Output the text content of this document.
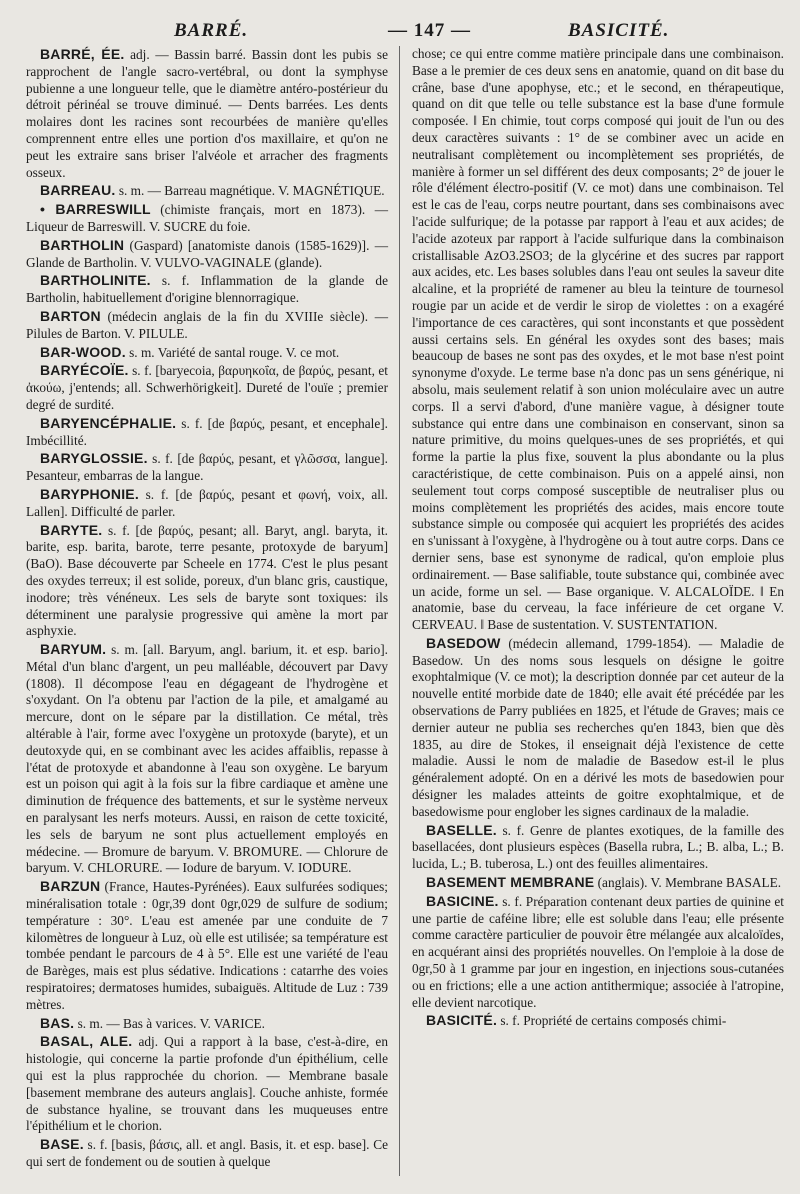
BARRÉ.	— 147 —	BASICITÉ.

BARRÉ, ÉE. adj. — Bassin barré. Bassin dont les pubis se rapprochent de l'angle sacro-vertébral, ou dont la symphyse pubienne a une longueur telle, que le diamètre antéro-postérieur du détroit périnéal se trouve diminué. — Dents barrées. Les dents molaires dont les racines sont recourbées de manière qu'elles comprennent entre elles une portion d'os maxillaire, et qu'on ne peut les extraire sans briser l'alvéole et arracher des fragments osseux.

BARREAU. s. m. — Barreau magnétique. V. MAGNÉTIQUE.

• BARRESWILL (chimiste français, mort en 1873). — Liqueur de Barreswill. V. SUCRE du foie.

BARTHOLIN (Gaspard) [anatomiste danois (1585-1629)]. — Glande de Bartholin. V. VULVO-VAGINALE (glande).

BARTHOLINITE. s. f. Inflammation de la glande de Bartholin, habituellement d'origine blennorragique.

BARTON (médecin anglais de la fin du XVIIIe siècle). — Pilules de Barton. V. PILULE.

BAR-WOOD. s. m. Variété de santal rouge. V. ce mot.

BARYÉCOÏE. s. f. [baryecoia, βαρυηκοΐα, de βαρύς, pesant, et ἀκούω, j'entends; all. Schwerhörigkeit]. Dureté de l'ouïe ; premier degré de surdité.

BARYENCÉPHALIE. s. f. [de βαρύς, pesant, et encephale]. Imbécillité.

BARYGLOSSIE. s. f. [de βαρύς, pesant, et γλῶσσα, langue]. Pesanteur, embarras de la langue.

BARYPHONIE. s. f. [de βαρύς, pesant et φωνή, voix, all. Lallen]. Difficulté de parler.

BARYTE. s. f. [de βαρύς, pesant; all. Baryt, angl. baryta, it. barite, esp. barita, barote, terre pesante, protoxyde de baryum] (BaO). Base découverte par Scheele en 1774. C'est le plus pesant des oxydes terreux; il est solide, poreux, d'un blanc gris, caustique, inodore; très vénéneux. Les sels de baryte sont toxiques: ils déterminent une paralysie progressive qui amène la mort par asphyxie.

BARYUM. s. m. [all. Baryum, angl. barium, it. et esp. bario]. Métal d'un blanc d'argent, un peu malléable, découvert par Davy (1808). Il décompose l'eau en dégageant de l'hydrogène et s'oxydant. On l'a obtenu par l'action de la pile, et amalgamé au mercure, dont on le sépare par la distillation. Ce métal, très altérable à l'air, forme avec l'oxygène un protoxyde (baryte), et un deutoxyde qui, en se combinant avec les acides affaiblis, repasse à l'état de protoxyde et abandonne à l'eau son oxygène. Le baryum est un poison qui agit à la fois sur la fibre cardiaque et amène une diminution de fréquence des battements, et sur le système nerveux en paralysant les nerfs moteurs. Aussi, en raison de cette toxicité, les sels de baryum ne sont plus actuellement employés en médecine. — Bromure de baryum. V. BROMURE. — Chlorure de baryum. V. CHLORURE. — Iodure de baryum. V. IODURE.

BARZUN (France, Hautes-Pyrénées). Eaux sulfurées sodiques; minéralisation totale : 0gr,39 dont 0gr,029 de sulfure de sodium; température : 30°. L'eau est amenée par une conduite de 7 kilomètres de longueur à Luz, où elle est utilisée; sa température est tombée pendant le parcours de 4 à 5°. Elle est une variété de l'eau de Barèges, mais est plus sédative. Indications : catarrhe des voies respiratoires; dermatoses humides, subaiguës. Altitude de Luz : 739 mètres.

BAS. s. m. — Bas à varices. V. VARICE.

BASAL, ALE. adj. Qui a rapport à la base, c'est-à-dire, en histologie, qui concerne la partie profonde d'un épithélium, celle qui est la plus rapprochée du chorion. — Membrane basale [basement membrane des auteurs anglais]. Couche anhiste, formée de substance hyaline, se trouvant dans les muqueuses entre l'épithélium et le chorion.

BASE. s. f. [basis, βάσις, all. et angl. Basis, it. et esp. base]. Ce qui sert de fondement ou de soutien à quelque

chose; ce qui entre comme matière principale dans une combinaison. Base a le premier de ces deux sens en anatomie, quand on dit base du crâne, base d'une apophyse, etc.; et le second, en thérapeutique, quand on dit que telle ou telle substance est la base d'une formule composée. ‖ En chimie, tout corps composé qui jouit de l'un ou des deux caractères suivants : 1° de se combiner avec un acide en neutralisant complètement ou incomplètement ses propriétés, de manière à former un sel différent des deux composants; 2° de jouer le rôle d'élément électro-positif (V. ce mot) dans une combinaison. Tel est le cas de l'eau, corps neutre pourtant, dans ses combinaisons avec l'acide sulfurique; de la potasse par rapport à l'eau et aux acides; de l'acide azoteux par rapport à l'acide sulfurique dans la combinaison cristallisable AzO3.2SO3; de la glycérine et des sucres par rapport aux acides, etc. Les bases solubles dans l'eau ont seules la saveur dite alcaline, et la propriété de ramener au bleu la teinture de tournesol rougie par un acide et de verdir le sirop de violettes : on a exagéré l'importance de ces caractères, qui sont inconstants et que possèdent aussi certains sels. En général les oxydes sont des bases; mais beaucoup de bases ne sont pas des oxydes, et le mot base n'est point synonyme d'oxyde. Le terme base n'a donc pas un sens générique, ni absolu, mais seulement relatif à son union moléculaire avec un autre corps. Il a servi d'abord, d'une manière vague, à désigner toute substance qui entre dans une combinaison en conservant, sinon sa nature primitive, du moins quelques-unes de ses propriétés, et qui forme la partie la plus fixe, souvent la plus abondante ou la plus caractéristique, de cette combinaison. Puis on a appelé ainsi, non seulement tout corps composé susceptible de neutraliser plus ou moins complètement les propriétés des acides, mais encore toute substance simple ou composée qui acquiert les propriétés des acides en s'unissant à l'oxygène, à l'hydrogène ou à tout autre corps. Dans ce dernier sens, base est synonyme de radical, qu'on emploie plus ordinairement. — Base salifiable, toute substance qui, combinée avec un acide, forme un sel. — Base organique. V. ALCALOÏDE. ‖ En anatomie, base du cerveau, la face inférieure de cet organe V. CERVEAU. ‖ Base de sustentation. V. SUSTENTATION.

BASEDOW (médecin allemand, 1799-1854). — Maladie de Basedow. Un des noms sous lesquels on désigne le goitre exophtalmique (V. ce mot); la description donnée par cet auteur de la nouvelle entité morbide date de 1840; elle avait été précédée par les observations de Parry publiées en 1825, et l'étude de Graves; mais ce dernier auteur ne publia ses recherches qu'en 1843, bien que dès 1835, au dire de Stokes, il enseignait déjà l'existence de cette maladie. Aussi le nom de maladie de Basedow est-il le plus généralement adopté. On en a dérivé les mots de basedowien pour désigner les malades atteints de goitre exophtalmique, et de basedowisme pour englober les signes cardinaux de la maladie.

BASELLE. s. f. Genre de plantes exotiques, de la famille des basellacées, dont plusieurs espèces (Basella rubra, L.; B. alba, L.; B. lucida, L.; B. tuberosa, L.) ont des feuilles alimentaires.

BASEMENT MEMBRANE (anglais). V. Membrane BASALE.

BASICINE. s. f. Préparation contenant deux parties de quinine et une partie de caféine libre; elle est soluble dans l'eau; elle présente comme caractère particulier de pouvoir être mélangée aux alcaloïdes, en acquérant ainsi des propriétés nouvelles. On l'emploie à la dose de 0gr,50 à 1 gramme par jour en ingestion, en injections sous-cutanées ou en frictions; elle a une action antithermique; associée à l'atropine, elle devient narcotique.

BASICITÉ. s. f. Propriété de certains composés chimi-
